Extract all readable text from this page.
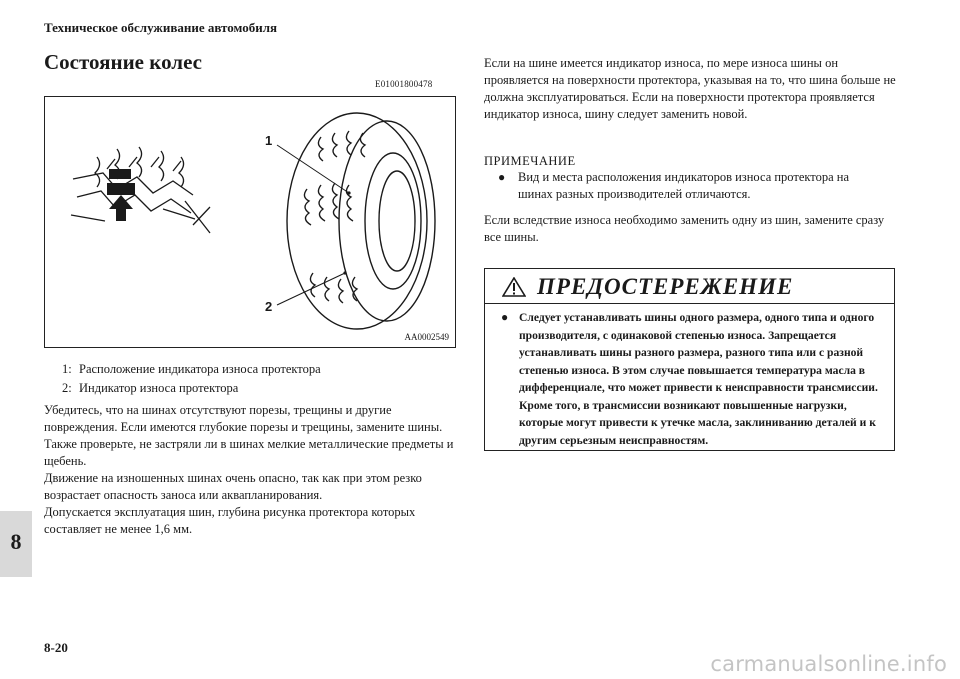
Техническое обслуживание автомобиля
Состояние колес
E01001800478
1
2
AA0002549
1: Расположение индикатора износа протектора
2: Индикатор износа протектора
Убедитесь, что на шинах отсутствуют порезы, трещины и другие повреждения. Если имеются глубокие порезы и трещины, замените шины. Также проверьте, не застряли ли в шинах мелкие металлические предметы и щебень.
Движение на изношенных шинах очень опасно, так как при этом резко возрастает опасность заноса или аквапланирования.
Допускается эксплуатация шин, глубина рисунка протектора которых составляет не менее 1,6 мм.
Если на шине имеется индикатор износа, по мере износа шины он проявляется на поверхности протектора, указывая на то, что шина больше не должна эксплуатироваться. Если на поверхности протектора проявляется индикатор износа, шину следует заменить новой.
ПРИМЕЧАНИЕ
●	Вид и места расположения индикаторов износа протектора на шинах разных производителей отличаются.
Если вследствие износа необходимо заменить одну из шин, замените сразу все шины.
ПРЕДОСТЕРЕЖЕНИЕ
● Следует устанавливать шины одного размера, одного типа и одного производителя, с одинаковой степенью износа. Запрещается устанавливать шины разного размера, разного типа или с разной степенью износа. В этом случае повышается температура масла в дифференциале, что может привести к неисправности трансмиссии. Кроме того, в трансмиссии возникают повышенные нагрузки, которые могут привести к утечке масла, заклиниванию деталей и к другим серьезным неисправностям.
8
8-20
carmanualsonline.info
